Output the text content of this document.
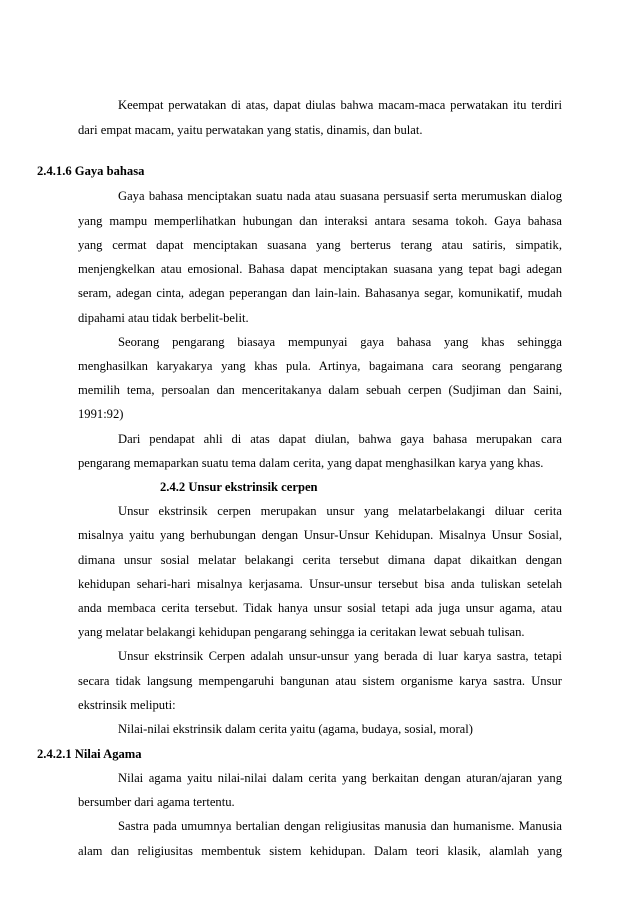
Keempat perwatakan di atas, dapat diulas bahwa macam-maca perwatakan itu terdiri
dari empat macam, yaitu perwatakan yang statis, dinamis, dan bulat.
2.4.1.6 Gaya bahasa
Gaya bahasa menciptakan suatu nada atau suasana persuasif serta merumuskan dialog
yang mampu memperlihatkan hubungan dan interaksi antara sesama tokoh. Gaya bahasa
yang cermat dapat menciptakan suasana yang berterus terang atau satiris, simpatik,
menjengkelkan atau emosional. Bahasa dapat menciptakan suasana yang tepat bagi adegan
seram, adegan cinta, adegan peperangan dan lain-lain. Bahasanya segar, komunikatif, mudah
dipahami atau tidak berbelit-belit.
Seorang pengarang biasaya mempunyai gaya bahasa yang khas sehingga
menghasilkan karyakarya yang khas pula. Artinya, bagaimana cara seorang pengarang
memilih tema, persoalan dan menceritakanya dalam sebuah cerpen (Sudjiman dan Saini,
1991:92)
Dari pendapat ahli di atas dapat diulan, bahwa gaya bahasa merupakan cara
pengarang memaparkan suatu tema dalam cerita, yang dapat menghasilkan karya yang khas.
2.4.2 Unsur ekstrinsik cerpen
Unsur ekstrinsik cerpen merupakan unsur yang melatarbelakangi diluar cerita
misalnya yaitu yang berhubungan dengan Unsur-Unsur Kehidupan. Misalnya Unsur Sosial,
dimana unsur sosial melatar belakangi cerita tersebut dimana dapat dikaitkan dengan
kehidupan sehari-hari misalnya kerjasama. Unsur-unsur tersebut bisa anda tuliskan setelah
anda membaca cerita tersebut. Tidak hanya unsur sosial tetapi ada juga unsur agama, atau
yang melatar belakangi kehidupan pengarang sehingga ia ceritakan lewat sebuah tulisan.
Unsur ekstrinsik Cerpen adalah unsur-unsur yang berada di luar karya sastra, tetapi
secara tidak langsung mempengaruhi bangunan atau sistem organisme karya sastra. Unsur
ekstrinsik meliputi:
Nilai-nilai ekstrinsik dalam cerita yaitu (agama, budaya, sosial, moral)
2.4.2.1 Nilai Agama
Nilai agama yaitu nilai-nilai dalam cerita yang berkaitan dengan aturan/ajaran yang
bersumber dari agama tertentu.
Sastra pada umumnya bertalian dengan religiusitas manusia dan humanisme. Manusia
alam dan religiusitas membentuk sistem kehidupan. Dalam teori klasik, alamlah yang
